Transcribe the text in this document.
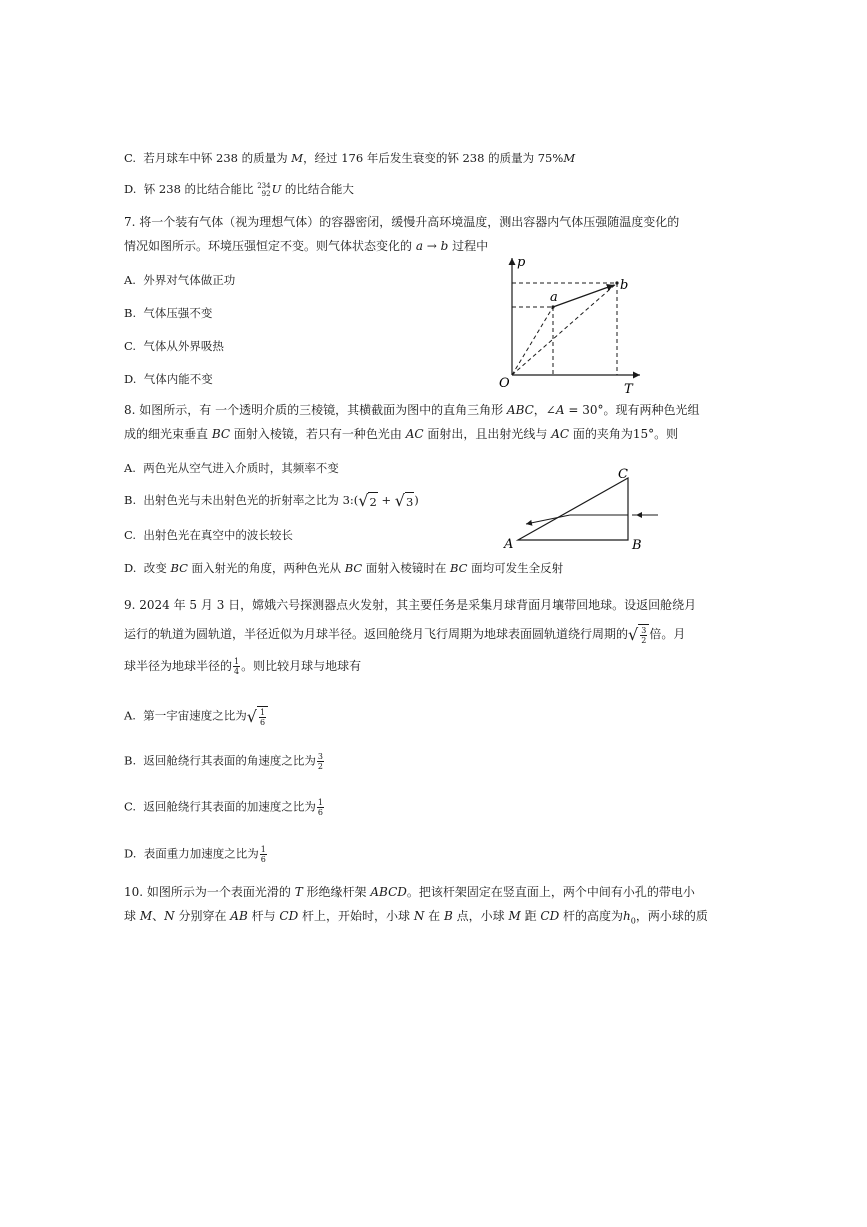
C. 若月球车中钚 238 的质量为 M，经过 176 年后发生衰变的钚 238 的质量为 75%M
D. 钚 238 的比结合能比 234
92 U 的比结合能大
7. 将一个装有气体（视为理想气体）的容器密闭，缓慢升高环境温度，测出容器内气体压强随温度变化的
情况如图所示。环境压强恒定不变。则气体状态变化的 a → b 过程中
A. 外界对气体做正功
B. 气体压强不变
C. 气体从外界吸热
D. 气体内能不变
p
T
O
a
b
8. 如图所示，有 一个透明介质的三棱镜，其横截面为图中的直角三角形 ABC，∠A = 30°。现有两种色光组
成的细光束垂直 BC 面射入棱镜，若只有一种色光由 AC 面射出，且出射光线与 AC 面的夹角为15°。则
A. 两色光从空气进入介质时，其频率不变
B. 出射色光与未出射色光的折射率之比为 3:(√2 + √3)
C. 出射色光在真空中的波长较长
D. 改变 BC 面入射光的角度，两种色光从 BC 面射入棱镜时在 BC 面均可发生全反射
A	B
C
9. 2024 年 5 月 3 日，嫦娥六号探测器点火发射，其主要任务是采集月球背面月壤带回地球。设返回舱绕月
运行的轨道为圆轨道，半径近似为月球半径。返回舱绕月飞行周期为地球表面圆轨道绕行周期的√ $\frac{3}{2}$ 倍。月
球半径为地球半径的 $\frac{1}{4}$ 。则比较月球与地球有
A. 第一宇宙速度之比为√ $\frac{1}{6}$
B. 返回舱绕行其表面的角速度之比为 $\frac{3}{2}$
C. 返回舱绕行其表面的加速度之比为 $\frac{1}{6}$
D. 表面重力加速度之比为 $\frac{1}{6}$
10. 如图所示为一个表面光滑的 T 形绝缘杆架 ABCD。把该杆架固定在竖直面上，两个中间有小孔的带电小
球 M、N 分别穿在 AB 杆与 CD 杆上，开始时，小球 N 在 B 点，小球 M 距 CD 杆的高度为$h_0$，两小球的质
